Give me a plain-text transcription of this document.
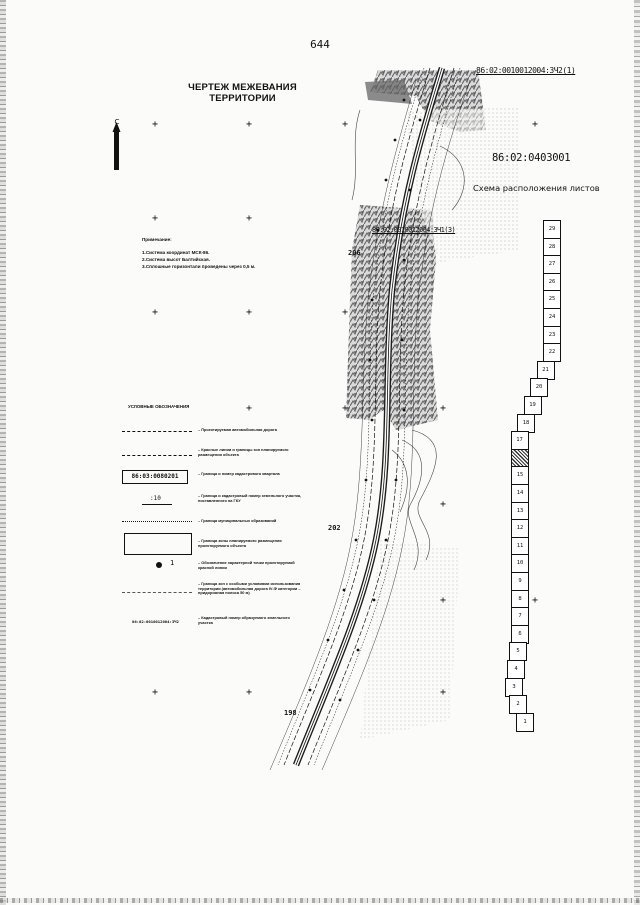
644
ЧЕРТЕЖ МЕЖЕВАНИЯ ТЕРРИТОРИИ
С	+	+	+	+
+	+
+	+	+
+	+	+
+
+	+
+	+	+
86:02:0010012004:3Ч2(1)
86:02:0010012004:3Ч1(3)
86:02:0403001
206
202
198
Примечание:
1.Система координат МСК-86.
2.Система высот Балтийская.
3.Сплошные горизонтали проведены через 0,5 м.
УСЛОВНЫЕ ОБОЗНАЧЕНИЯ
– Проектируемая автомобильная дорога
– Красные линии и границы зон планируемого размещения объекта
86:03:0080201	– Граница и номер кадастрового квартала
:10	– Граница и кадастровый номер земельного участка, поставленного на ГКУ
– Граница муниципальных образований
– Граница зоны планируемого размещения проектируемого объекта
1	– Обозначение характерной точки проектируемой красной линии
– Граница зон с особыми условиями использования территории (автомобильная дорога IV-Ф категории – придорожная полоса 50 м)
86:02:0010012004:3Ч2
– Кадастровый номер образуемого земельного участка
Схема расположения листов
29
28
27
26
25
24
23
22
21
20
19
18
17
15
14
13
12
11
10
9
8
7
6
5
4
3
2
1
